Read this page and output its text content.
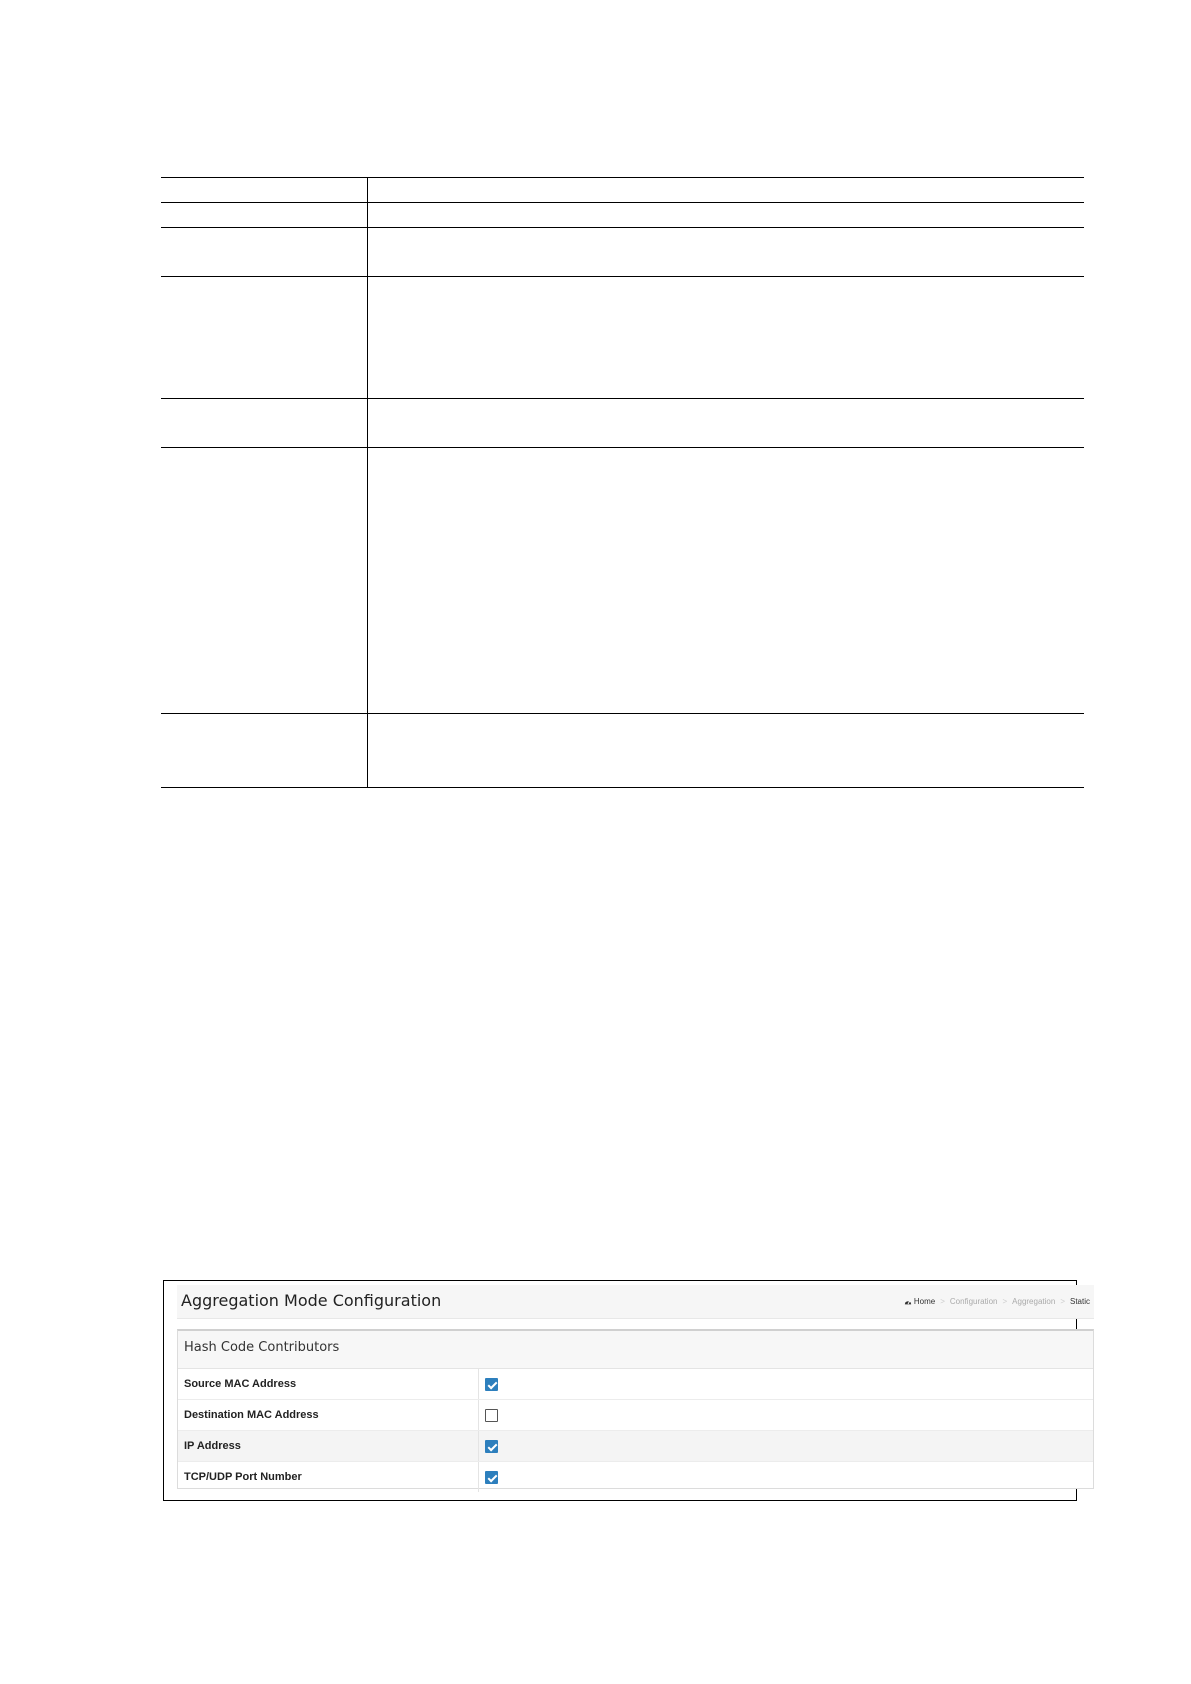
Aggregation Mode Configuration	Home > Configuration > Aggregation > Static
Hash Code Contributors
Source MAC Address
Destination MAC Address
IP Address
TCP/UDP Port Number
